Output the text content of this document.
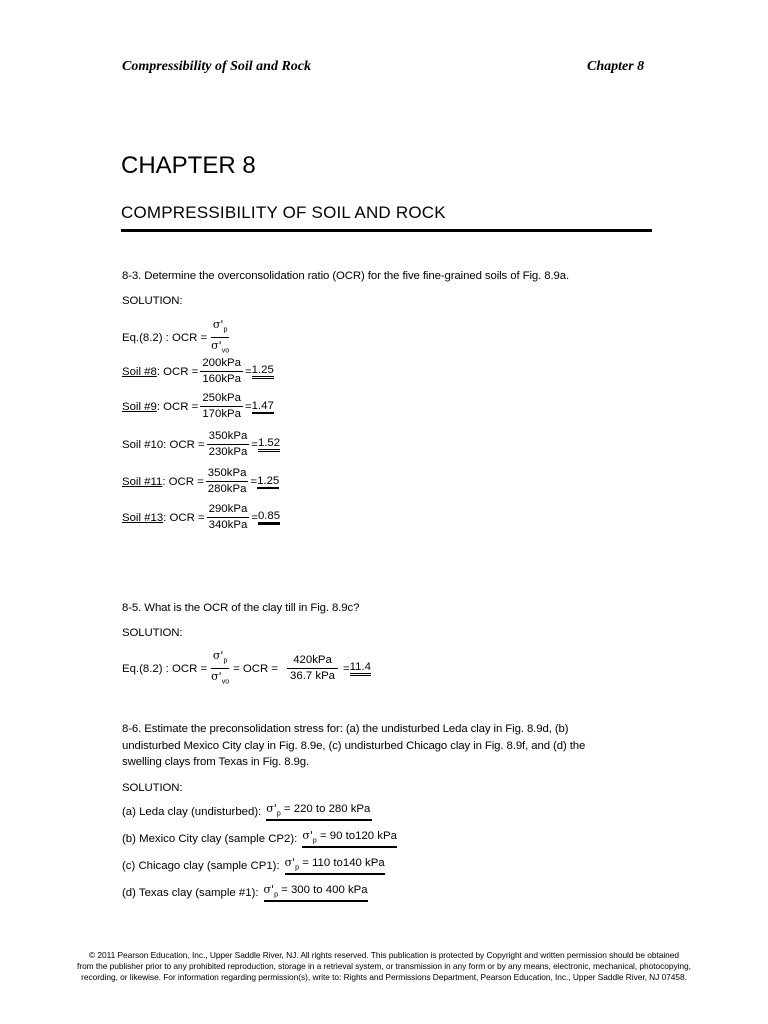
Compressibility of Soil and Rock	Chapter 8
CHAPTER 8
COMPRESSIBILITY OF SOIL AND ROCK
8-3. Determine the overconsolidation ratio (OCR) for the five fine-grained soils of Fig. 8.9a.
SOLUTION:
Eq.(8.2) : OCR = $\frac{\sigma'_p}{\sigma'_{vo}}$
Soil #8 : OCR = $\frac{\text{200kPa}}{\text{160kPa}} = 1.25$
Soil #9 : OCR = $\frac{\text{250kPa}}{\text{170kPa}} = 1.47$
Soil #10 : OCR = $\frac{\text{350kPa}}{\text{230kPa}} = 1.52$
Soil #11 : OCR = $\frac{\text{350kPa}}{\text{280kPa}} = 1.25$
Soil #13 : OCR = $\frac{\text{290kPa}}{\text{340kPa}} = 0.85$
8-5. What is the OCR of the clay till in Fig. 8.9c?
SOLUTION:
Eq.(8.2) : OCR = $\frac{\sigma'_p}{\sigma'_{vo}}$ = OCR = $\frac{\text{420kPa}}{\text{36.7 kPa}} = 11.4$
8-6. Estimate the preconsolidation stress for: (a) the undisturbed Leda clay in Fig. 8.9d, (b)
undisturbed Mexico City clay in Fig. 8.9e, (c) undisturbed Chicago clay in Fig. 8.9f, and (d) the
swelling clays from Texas in Fig. 8.9g.
SOLUTION:
(a) Leda clay (undisturbed): $\sigma'_p = 220$ to 280 kPa
(b) Mexico City clay (sample CP2): $\sigma'_p = 90$ to120 kPa
(c) Chicago clay (sample CP1): $\sigma'_p = 110$ to140 kPa
(d) Texas clay (sample #1): $\sigma'_p = 300$ to 400 kPa
© 2011 Pearson Education, Inc., Upper Saddle River, NJ. All rights reserved. This publication is protected by Copyright and written permission should be obtained
from the publisher prior to any prohibited reproduction, storage in a retrieval system, or transmission in any form or by any means, electronic, mechanical, photocopying,
recording, or likewise. For information regarding permission(s), write to: Rights and Permissions Department, Pearson Education, Inc., Upper Saddle River, NJ 07458.
